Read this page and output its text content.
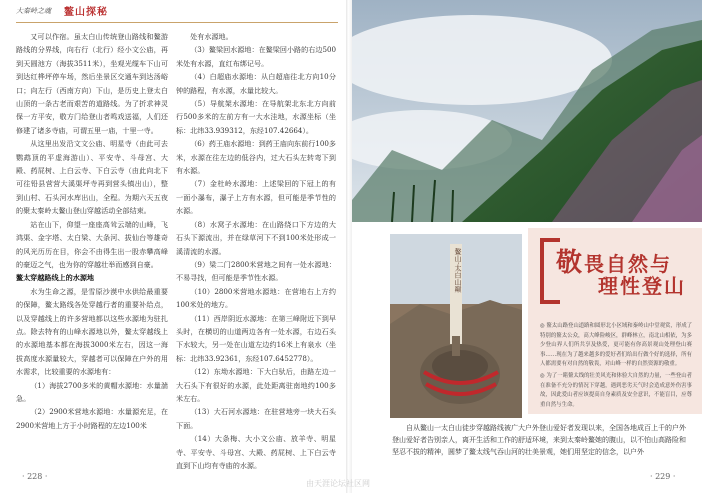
大秦岭之魂 鳌山探秘

又可以作宿。虽太白山传统登山路线和鳌游路线的分界线，向右行（北行）经小文公庙，再到天圆池方（海拔3511米），坐观光缆车下山可到达红桦坪停车场，然后坐景区交通车到达汤峪口；向左行（西南方向）下山，是历史上登太白山顶的一条古老而艰苦的道路线。为了折求神灵保一方平安，敬方门给登山者鸣戏送福，人们还修建了诸多寺庙，可谓五里一庙，十里一寺。

从这里出发沿文文公庙、明星寺（由此可去鹦鹉顶的平虚海游山）、平安寺、斗母宫、大殿、药屁树、上白云寺、下白云寺（由此向北下可往铅县营营大溪渠坪寺再到营头镇出山），整到山村、石头河水库出山，全程。为期六天五夜的聚太秦岭太鳌山登山穿越活动全部结束。

站在山下，仰望一座座高耸云端的山峰，飞鸿渠、金字塔、太白梁、大条河、拔仙台等雄奇的风光历历在目，你会不由得生出一股赤攀高峰的豪迈之气，也为你的穿越壮举而感到自豪。

鳌太穿越路线上的水源地

水为生命之源，是雪原沙漠中水供给最重要的保障，鳌太路线各处穿越行者的重要补给点，以及穿越线上的许多营地都以这些水源地为驻扎点。除去特有的山峰水源地以外，鳌太穿越线上的水源地基本都在海拔3000米左右，因这一海拔高度水源量较大，穿越者可以保障在户外的用水需求，比较重要的水源地有：

（1）海拔2700多米的黄帽水源地：水量湍急。

（2）2900米营地水源地：水量源充足，在2900米营地上方于小时路程的左边100米

处有水源地。

（3）鳌梁回水源地：在鳌梁回小路的右边500米处有水源，直红布绑记号。

（4）白超庙水源地：从白超庙往北方向10分钟的路程，有水源，水量比较大。

（5）导航架水源地：在导航架北东北方向前行500多米的左前方有一大水洼地，水源坐标（坐标：北纬33.939312，东经107.42664）。

（6）药王庙水源地：到药王庙向东前行100多米，水源在往左边的低谷内，过大石头左转弯下到有水源。

（7）金杜岭水源地：上述梁回的下冠上的有一面小瀑布，瀑子上方有水源，但可能是季节性的水源。

（8）水窝子水源地：在山路绕口下方边的大石头下源流出，并在绿草河下不到100米处形成一溪清流的水源。

（9）梁二门2800米营地之间有一处水源地：不易寻找，但可能是季节性水源。

（10）2800米营地水源地：在营地右上方约100米处的地方。

（11）西岸阴近水源地：在第三峰附近下到早头时，在横切的山道两边各有一处水源，右边石头下水较大，另一处在山道左边约16米上有泉水（坐标：北纬33.92361，东经107.6452778）。

（12）东坳水源地：下大白驮后，由路左边一大石头下有很好的水源，此处距离驻南地约100多米左右。

（13）大石河水源地：在驻营地旁一块大石头下面。

（14）大条梅、大小文公庙、放羊寺、明星寺、平安寺、斗母宫、大殿、药屁树、上下白云寺直到下山均有寺庙的水源。

· 228 ·
鳌山·太白山巅	敬畏自然与
理性登山

◎ 鳌太山路登山道路和圆形北小区域和秦岭山中堂观赏，形成了特别的鳌太公众，高大峰险峻区，群峰林立，南北山相依，为多少登山界人们所共享及热爱，更可能有你高景观山处理登山赛事……现在为了越来越多的爱好者们给出行做个好的选择，所有人都需要有对自然的敬畏，对山峰一样的自然资源的敬重。

◎ 为了一睹鳌太线的壮美风光和体验大自然的力量，一些登山者在准备不充分的情况下穿越，遇到恶劣天气时会造成意外伤害事故，因此爱山者应该提高自身素质及安全意识，不能盲目，应尊重自然与生命。

自从鳌山一太白山徒步穿越路线被广大户外登山爱好者发现以来，全国各地成百上千的户外登山爱好者告别亲人，离开生活和工作的舒适环境，来到太秦岭鳌她的腹山，以不怕山高路险和坚忍不拔的精神，圆梦了鳌太线气吞山河的壮美景观，她们用坚定的信念，以户外

· 229 ·
由天涯论坛社区网
